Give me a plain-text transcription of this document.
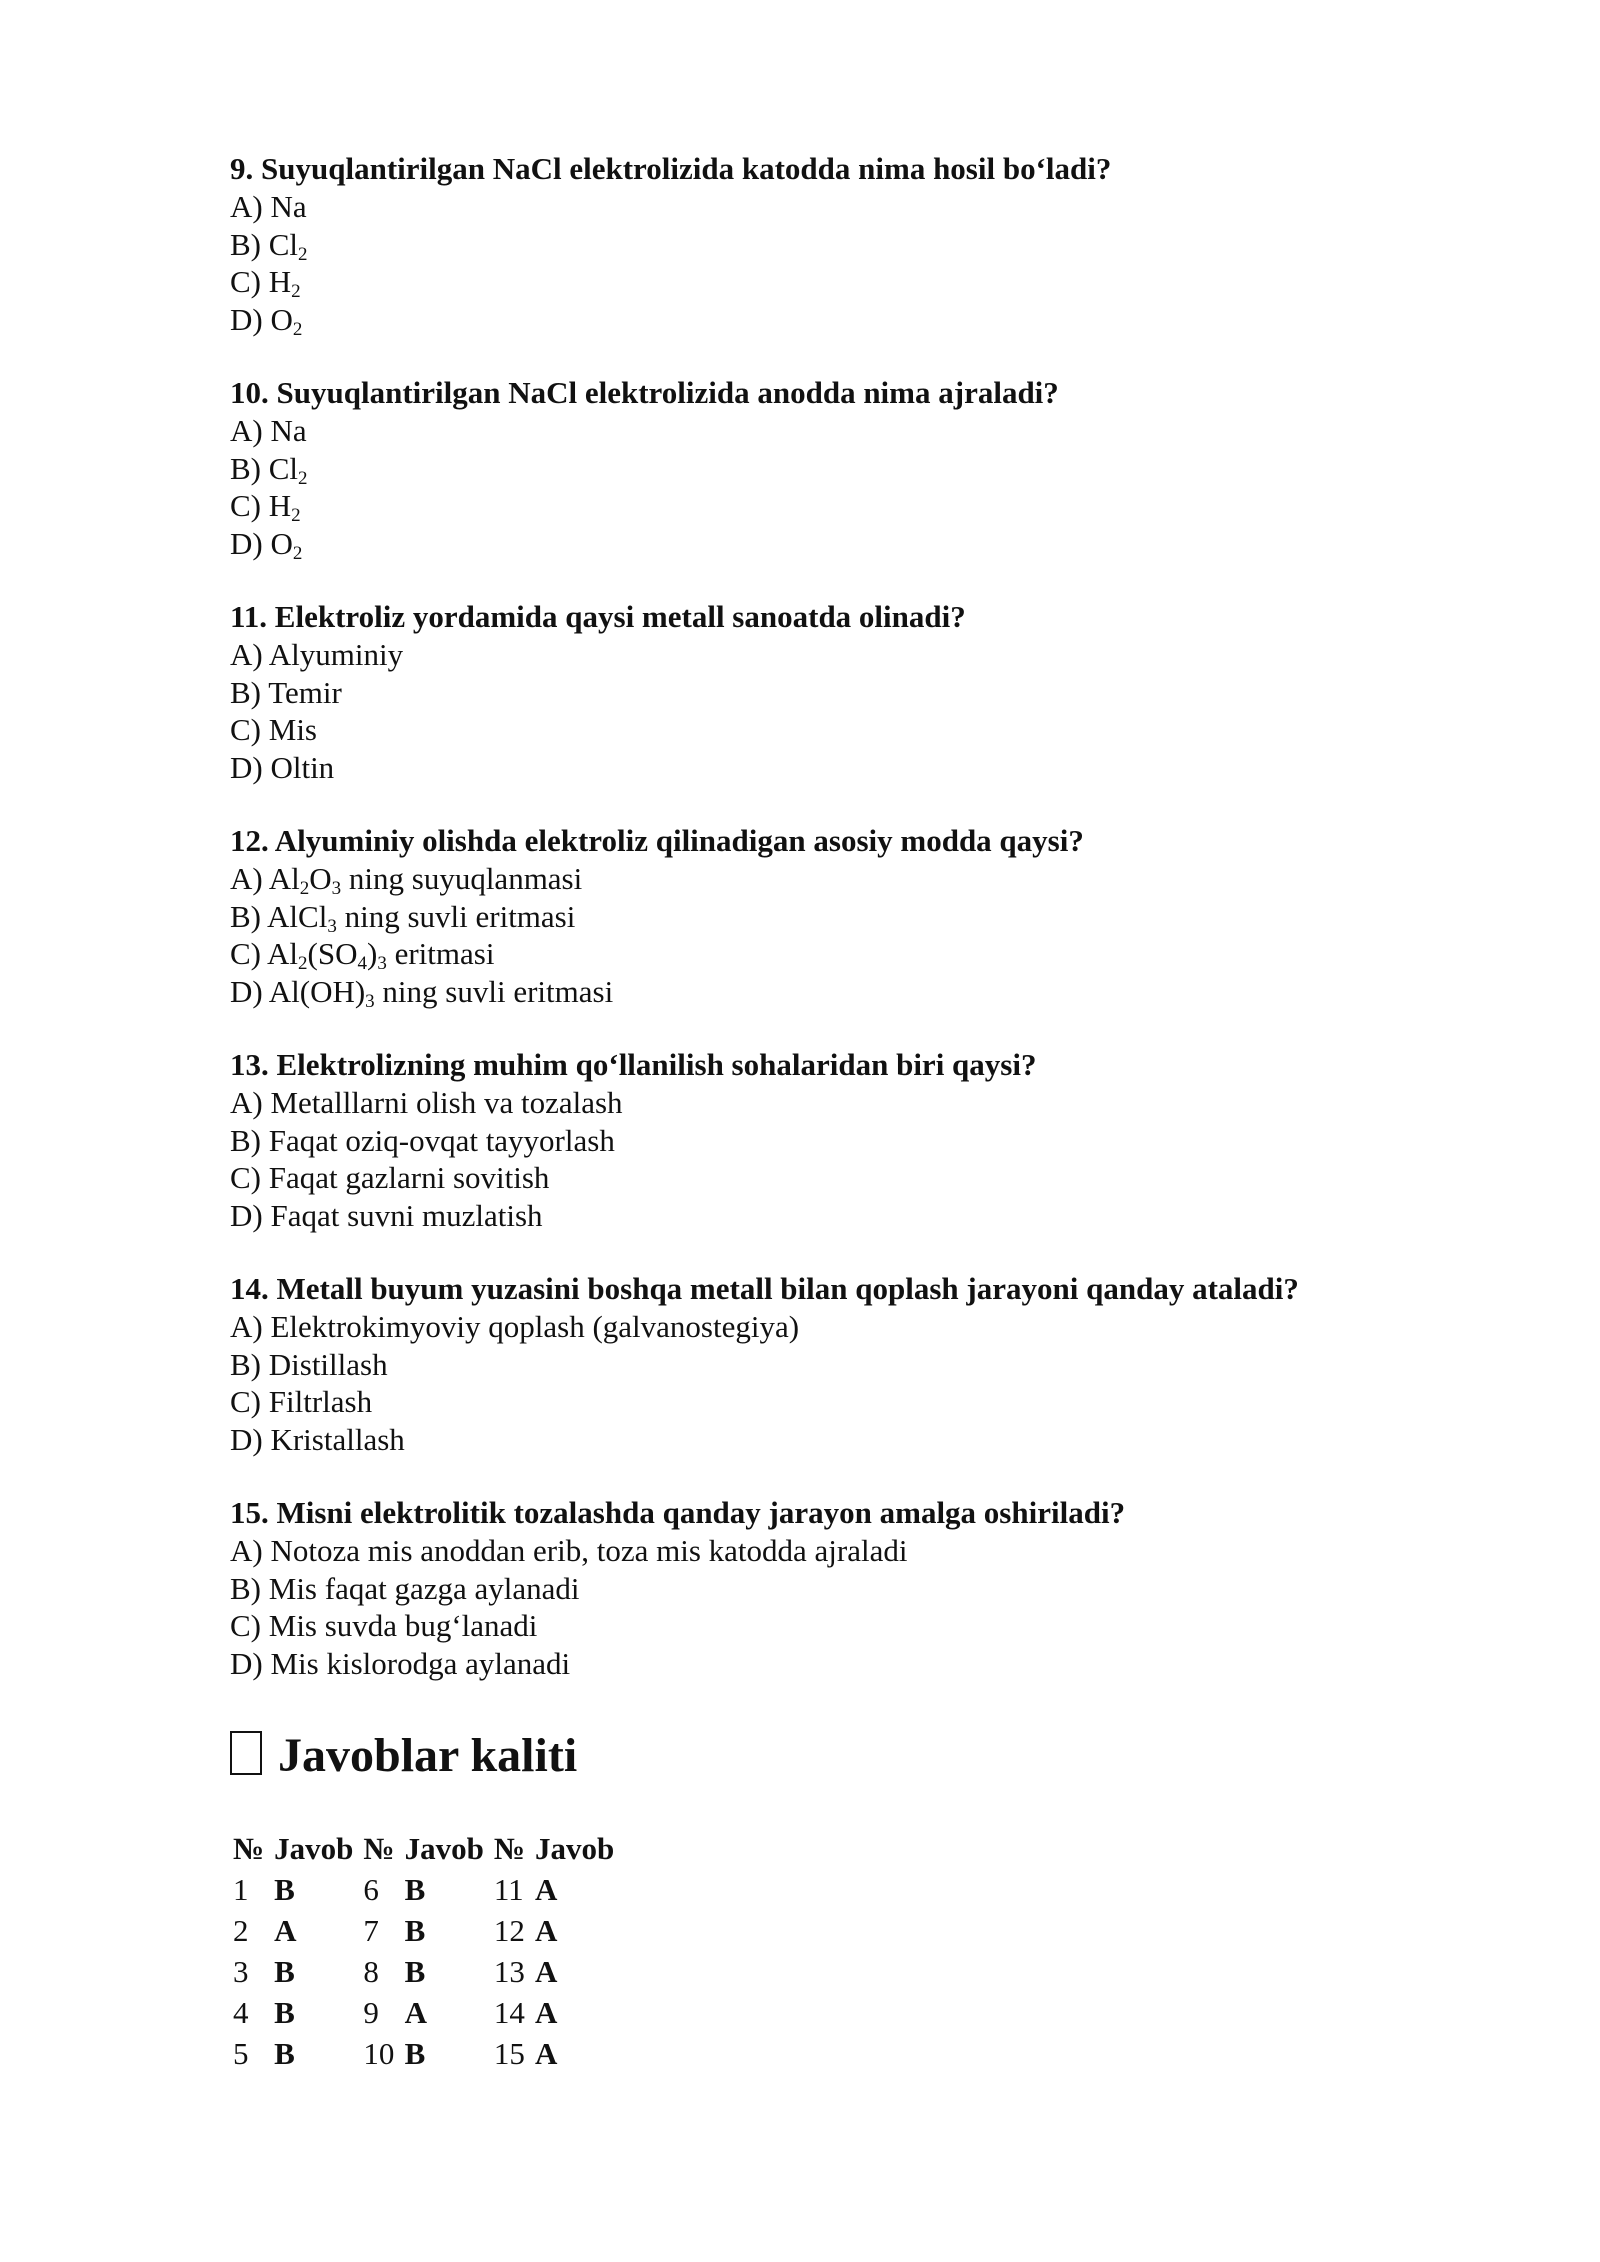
9. Suyuqlantirilgan NaCl elektrolizida katodda nima hosil bo‘ladi?
A) Na
B) $Cl_2$
C) $H_2$
D) $O_2$
10. Suyuqlantirilgan NaCl elektrolizida anodda nima ajraladi?
A) Na
B) $Cl_2$
C) $H_2$
D) $O_2$
11. Elektroliz yordamida qaysi metall sanoatda olinadi?
A) Alyuminiy
B) Temir
C) Mis
D) Oltin
12. Alyuminiy olishda elektroliz qilinadigan asosiy modda qaysi?
A) $Al_2O_3$ ning suyuqlanmasi
B) AlCl$_3$ ning suvli eritmasi
C) $Al_2(SO_4)_3$ eritmasi
D) $Al(OH)_3$ ning suvli eritmasi
13. Elektrolizning muhim qo‘llanilish sohalaridan biri qaysi?
A) Metalllarni olish va tozalash
B) Faqat oziq-ovqat tayyorlash
C) Faqat gazlarni sovitish
D) Faqat suvni muzlatish
14. Metall buyum yuzasini boshqa metall bilan qoplash jarayoni qanday ataladi?
A) Elektrokimyoviy qoplash (galvanostegiya)
B) Distillash
C) Filtrlash
D) Kristallash
15. Misni elektrolitik tozalashda qanday jarayon amalga oshiriladi?
A) Notoza mis anoddan erib, toza mis katodda ajraladi
B) Mis faqat gazga aylanadi
C) Mis suvda bug‘lanadi
D) Mis kislorodga aylanadi
Javoblar kaliti
№	Javob	№	Javob	№	Javob
1	B	6	B	11	A
2	A	7	B	12	A
3	B	8	B	13	A
4	B	9	A	14	A
5	B	10	B	15	A
